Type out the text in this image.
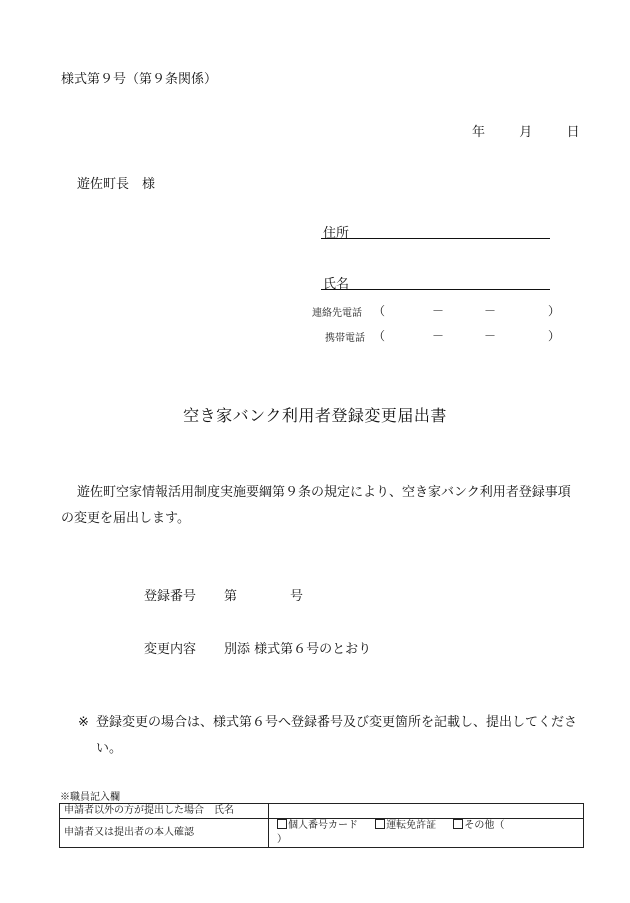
様式第９号（第９条関係）
年	月	日
遊佐町長　様
住所
氏名
連絡先電話 （	－	－	）
携帯電話 （	－	－	）
空き家バンク利用者登録変更届出書
遊佐町空家情報活用制度実施要綱第９条の規定により、空き家バンク利用者登録事項の変更を届出します。
登録番号 第	号
変更内容 別添 様式第６号のとおり
※ 登録変更の場合は、様式第６号へ登録番号及び変更箇所を記載し、提出してください。
※職員記入欄
申請者以外の方が提出した場合　氏名	
申請者又は提出者の本人確認	個人番号カード 運転免許証 その他（ ）
